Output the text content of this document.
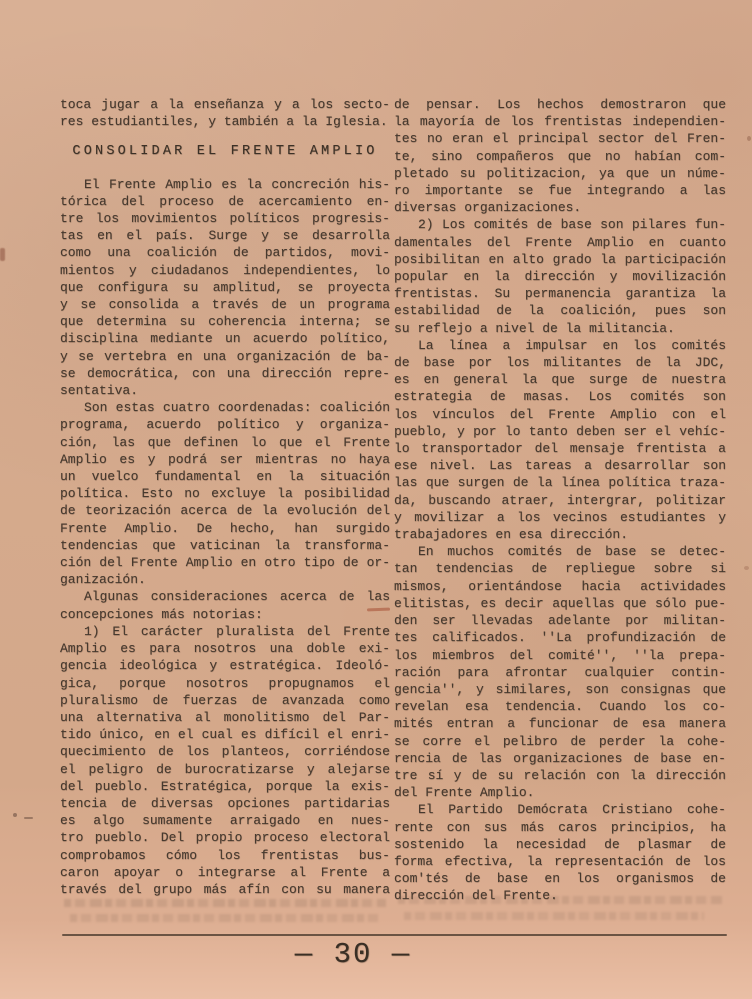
toca jugar a la enseñanza y a los secto-
res estudiantiles, y también a la Iglesia.
CONSOLIDAR EL FRENTE AMPLIO
El Frente Amplio es la concreción his-
tórica del proceso de acercamiento en-
tre los movimientos políticos progresis-
tas en el país. Surge y se desarrolla
como una coalición de partidos, movi-
mientos y ciudadanos independientes, lo
que configura su amplitud, se proyecta
y se consolida a través de un programa
que determina su coherencia interna; se
disciplina mediante un acuerdo político,
y se vertebra en una organización de ba-
se democrática, con una dirección repre-
sentativa.
Son estas cuatro coordenadas: coalición
programa, acuerdo político y organiza-
ción, las que definen lo que el Frente
Amplio es y podrá ser mientras no haya
un vuelco fundamental en la situación
política. Esto no excluye la posibilidad
de teorización acerca de la evolución del
Frente Amplio. De hecho, han surgido
tendencias que vaticinan la transforma-
ción del Frente Amplio en otro tipo de or-
ganización.
Algunas consideraciones acerca de las
concepciones más notorias:
1) El carácter pluralista del Frente
Amplio es para nosotros una doble exi-
gencia ideológica y estratégica. Ideoló-
gica, porque nosotros propugnamos el
pluralismo de fuerzas de avanzada como
una alternativa al monolitismo del Par-
tido único, en el cual es difícil el enri-
quecimiento de los planteos, corriéndose
el peligro de burocratizarse y alejarse
del pueblo. Estratégica, porque la exis-
tencia de diversas opciones partidarias
es algo sumamente arraigado en nues-
tro pueblo. Del propio proceso electoral
comprobamos cómo los frentistas bus-
caron apoyar o integrarse al Frente a
través del grupo más afín con su manera
de pensar. Los hechos demostraron que
la mayoría de los frentistas independien-
tes no eran el principal sector del Fren-
te, sino compañeros que no habían com-
pletado su politizacion, ya que un núme-
ro importante se fue integrando a las
diversas organizaciones.
2) Los comités de base son pilares fun-
damentales del Frente Amplio en cuanto
posibilitan en alto grado la participación
popular en la dirección y movilización
frentistas. Su permanencia garantiza la
estabilidad de la coalición, pues son
su reflejo a nivel de la militancia.
La línea a impulsar en los comités
de base por los militantes de la JDC,
es en general la que surge de nuestra
estrategia de masas. Los comités son
los vínculos del Frente Amplio con el
pueblo, y por lo tanto deben ser el vehíc-
lo transportador del mensaje frentista a
ese nivel. Las tareas a desarrollar son
las que surgen de la línea política traza-
da, buscando atraer, intergrar, politizar
y movilizar a los vecinos estudiantes y
trabajadores en esa dirección.
En muchos comités de base se detec-
tan tendencias de repliegue sobre si
mismos, orientándose hacia actividades
elitistas, es decir aquellas que sólo pue-
den ser llevadas adelante por militan-
tes calificados. ''La profundización de
los miembros del comité'', ''la prepa-
ración para afrontar cualquier contin-
gencia'', y similares, son consignas que
revelan esa tendencia. Cuando los co-
mités entran a funcionar de esa manera
se corre el pelibro de perder la cohe-
rencia de las organizaciones de base en-
tre sí y de su relación con la dirección
del Frente Amplio.
El Partido Demócrata Cristiano cohe-
rente con sus más caros principios, ha
sostenido la necesidad de plasmar de
forma efectiva, la representación de los
com'tés de base en los organismos de
dirección del Frente.
— 30 —
